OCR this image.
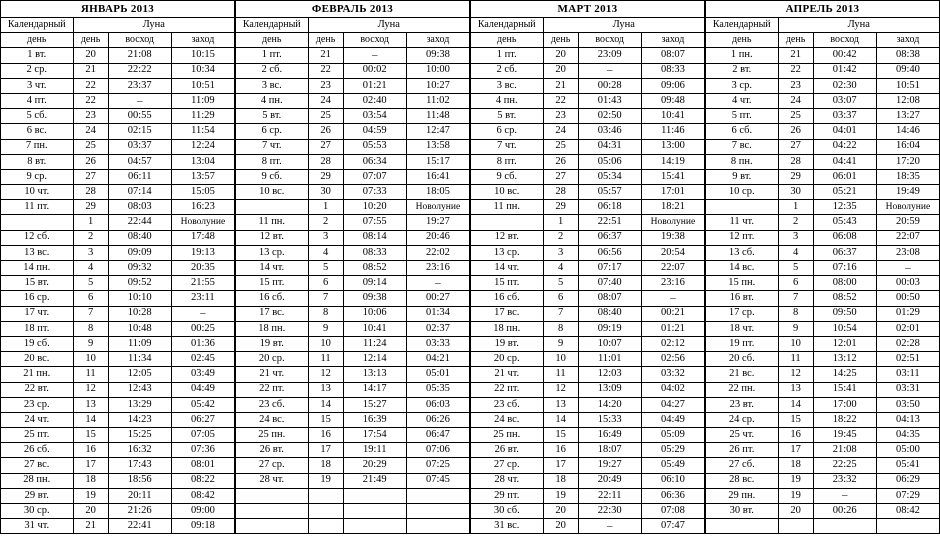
ЯНВАРЬ 2013			
Календарный	Луна		
день	день	восход	заход
1 вт.	20	21:08	10:15
2 ср.	21	22:22	10:34
3 чт.	22	23:37	10:51
4 пт.	22	–	11:09
5 сб.	23	00:55	11:29
6 вс.	24	02:15	11:54
7 пн.	25	03:37	12:24
8 вт.	26	04:57	13:04
9 ср.	27	06:11	13:57
10 чт.	28	07:14	15:05
11 пт.	29	08:03	16:23
	1	22:44	Новолуние
12 сб.	2	08:40	17:48
13 вс.	3	09:09	19:13
14 пн.	4	09:32	20:35
15 вт.	5	09:52	21:55
16 ср.	6	10:10	23:11
17 чт.	7	10:28	–
18 пт.	8	10:48	00:25
19 сб.	9	11:09	01:36
20 вс.	10	11:34	02:45
21 пн.	11	12:05	03:49
22 вт.	12	12:43	04:49
23 ср.	13	13:29	05:42
24 чт.	14	14:23	06:27
25 пт.	15	15:25	07:05
26 сб.	16	16:32	07:36
27 вс.	17	17:43	08:01
28 пн.	18	18:56	08:22
29 вт.	19	20:11	08:42
30 ср.	20	21:26	09:00
31 чт.	21	22:41	09:18
ФЕВРАЛЬ 2013			
Календарный	Луна		
день	день	восход	заход
1 пт.	21	–	09:38
2 сб.	22	00:02	10:00
3 вс.	23	01:21	10:27
4 пн.	24	02:40	11:02
5 вт.	25	03:54	11:48
6 ср.	26	04:59	12:47
7 чт.	27	05:53	13:58
8 пт.	28	06:34	15:17
9 сб.	29	07:07	16:41
10 вс.	30	07:33	18:05
	1	10:20	Новолуние
11 пн.	2	07:55	19:27
12 вт.	3	08:14	20:46
13 ср.	4	08:33	22:02
14 чт.	5	08:52	23:16
15 пт.	6	09:14	–
16 сб.	7	09:38	00:27
17 вс.	8	10:06	01:34
18 пн.	9	10:41	02:37
19 вт.	10	11:24	03:33
20 ср.	11	12:14	04:21
21 чт.	12	13:13	05:01
22 пт.	13	14:17	05:35
23 сб.	14	15:27	06:03
24 вс.	15	16:39	06:26
25 пн.	16	17:54	06:47
26 вт.	17	19:11	07:06
27 ср.	18	20:29	07:25
28 чт.	19	21:49	07:45

МАРТ 2013			
Календарный	Луна		
день	день	восход	заход
1 пт.	20	23:09	08:07
2 сб.	20	–	08:33
3 вс.	21	00:28	09:06
4 пн.	22	01:43	09:48
5 вт.	23	02:50	10:41
6 ср.	24	03:46	11:46
7 чт.	25	04:31	13:00
8 пт.	26	05:06	14:19
9 сб.	27	05:34	15:41
10 вс.	28	05:57	17:01
11 пн.	29	06:18	18:21
	1	22:51	Новолуние
12 вт.	2	06:37	19:38
13 ср.	3	06:56	20:54
14 чт.	4	07:17	22:07
15 пт.	5	07:40	23:16
16 сб.	6	08:07	–
17 вс.	7	08:40	00:21
18 пн.	8	09:19	01:21
19 вт.	9	10:07	02:12
20 ср.	10	11:01	02:56
21 чт.	11	12:03	03:32
22 пт.	12	13:09	04:02
23 сб.	13	14:20	04:27
24 вс.	14	15:33	04:49
25 пн.	15	16:49	05:09
26 вт.	16	18:07	05:29
27 ср.	17	19:27	05:49
28 чт.	18	20:49	06:10
29 пт.	19	22:11	06:36
30 сб.	20	22:30	07:08
31 вс.	20	–	07:47
АПРЕЛЬ 2013			
Календарный	Луна		
день	день	восход	заход
1 пн.	21	00:42	08:38
2 вт.	22	01:42	09:40
3 ср.	23	02:30	10:51
4 чт.	24	03:07	12:08
5 пт.	25	03:37	13:27
6 сб.	26	04:01	14:46
7 вс.	27	04:22	16:04
8 пн.	28	04:41	17:20
9 вт.	29	06:01	18:35
10 ср.	30	05:21	19:49
	1	12:35	Новолуние
11 чт.	2	05:43	20:59
12 пт.	3	06:08	22:07
13 сб.	4	06:37	23:08
14 вс.	5	07:16	–
15 пн.	6	08:00	00:03
16 вт.	7	08:52	00:50
17 ср.	8	09:50	01:29
18 чт.	9	10:54	02:01
19 пт.	10	12:01	02:28
20 сб.	11	13:12	02:51
21 вс.	12	14:25	03:11
22 пн.	13	15:41	03:31
23 вт.	14	17:00	03:50
24 ср.	15	18:22	04:13
25 чт.	16	19:45	04:35
26 пт.	17	21:08	05:00
27 сб.	18	22:25	05:41
28 вс.	19	23:32	06:29
29 пн.	19	–	07:29
30 вт.	20	00:26	08:42
